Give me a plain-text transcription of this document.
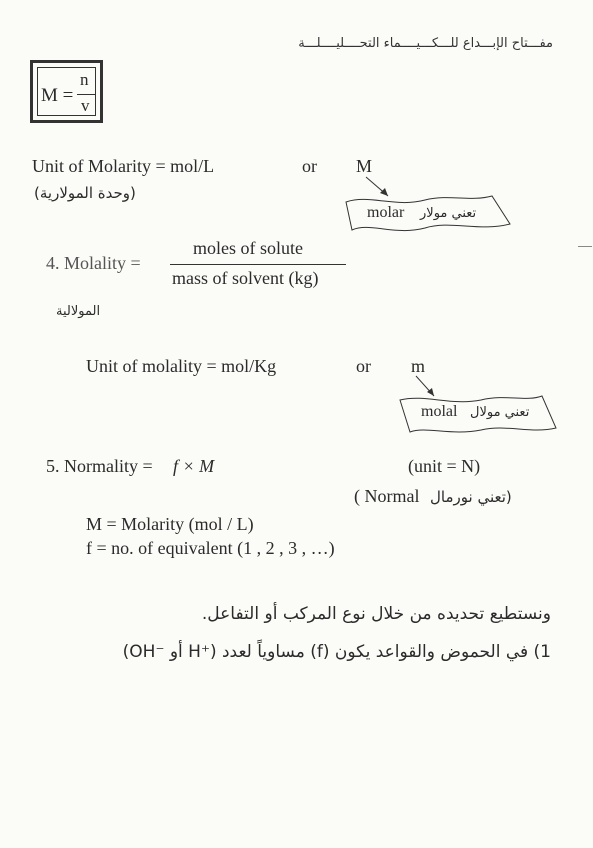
مفـــتاح الإبـــداع للـــكـــيــــماء التحــــليــــلـــة
M =
n
v
Unit of Molarity = mol/L	or M
(وحدة المولارية)
molar تعني مولار
4. Molality =
moles of solute
mass of solvent (kg)
المولالية
Unit of molality = mol/Kg	or m
molal تعني مولال
5. Normality = f × M	(unit = N)
( Normal (تعني نورمال
M = Molarity (mol / L)
f = no. of equivalent (1 , 2 , 3 , …)
ونستطيع تحديده من خلال نوع المركب أو التفاعل.
1) في الحموض والقواعد يكون (f) مساوياً لعدد (⁺H أو ⁻OH)
